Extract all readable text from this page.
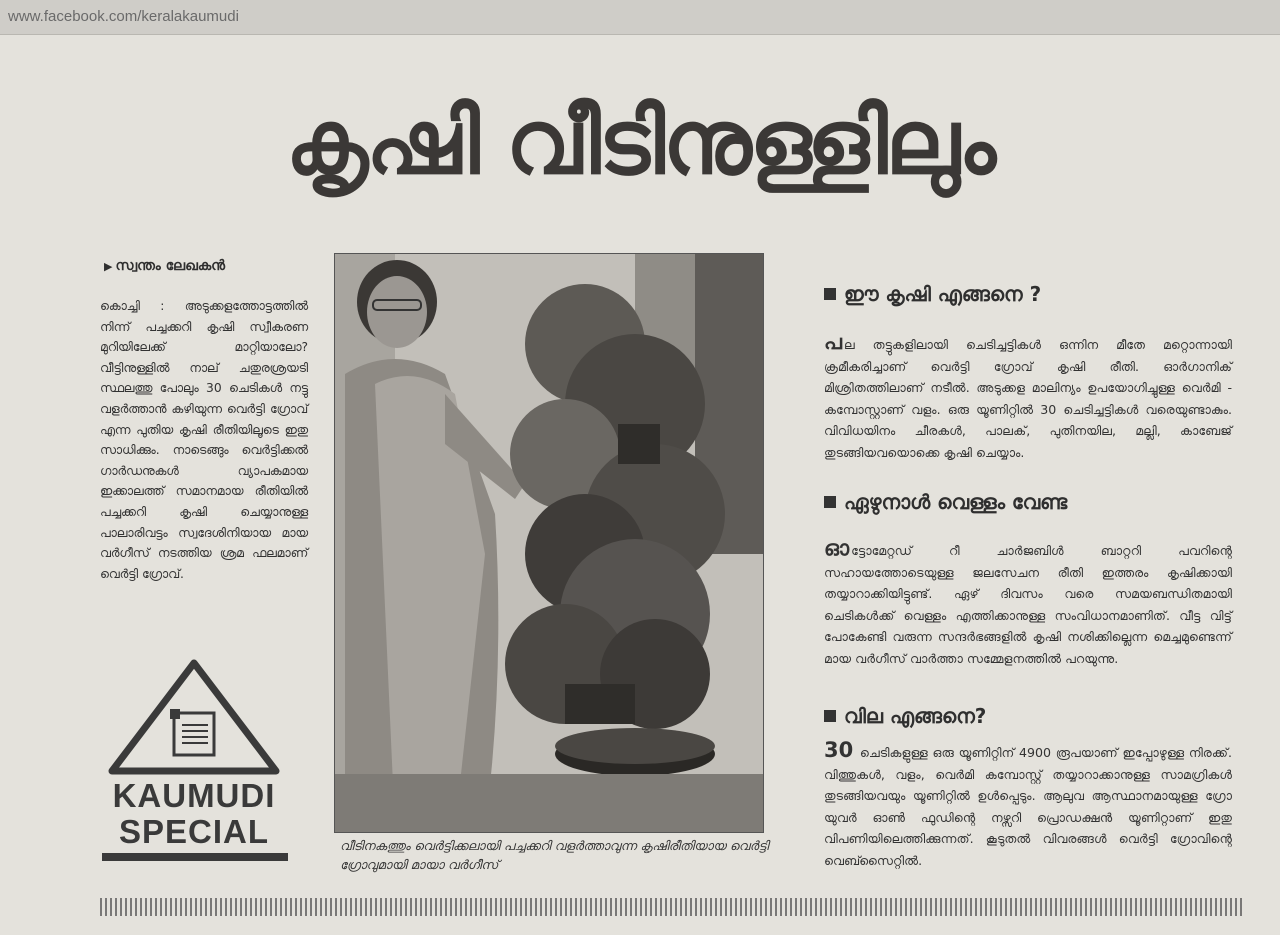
www.facebook.com/keralakaumudi
കൃഷി വീടിനുള്ളിലും
▶ സ്വന്തം ലേഖകൻ
കൊച്ചി : അടുക്കളത്തോട്ടത്തിൽ നിന്ന് പച്ചക്കറി കൃഷി സ്വീകരണ മുറിയിലേക്ക് മാറ്റിയാലോ? വീട്ടിനുള്ളിൽ നാല് ചതുരശ്രയടി സ്ഥലത്തു പോലും 30 ചെടികൾ നട്ടു വളർത്താൻ കഴിയുന്ന വെർട്ടി ഗ്രോവ് എന്ന പുതിയ കൃഷി രീതിയിലൂടെ ഇതു സാധിക്കും. നാടെങ്ങും വെർട്ടിക്കൽ ഗാർഡനുകൾ വ്യാപകമായ ഇക്കാലത്ത് സമാനമായ രീതിയിൽ പച്ചക്കറി കൃഷി ചെയ്യാനുള്ള പാലാരിവട്ടം സ്വദേശിനിയായ മായ വർഗീസ് നടത്തിയ ശ്രമ ഫലമാണ് വെർട്ടി ഗ്രോവ്.
KAUMUDI
SPECIAL	വീടിനകത്തും വെർട്ടിക്കലായി പച്ചക്കറി വളർത്താവുന്ന കൃഷിരീതിയായ വെർട്ടി ഗ്രോവുമായി മായാ വർഗീസ്
ഈ കൃഷി എങ്ങനെ ?
പല തട്ടുകളിലായി ചെടിച്ചട്ടികൾ ഒന്നിന മീതേ മറ്റൊന്നായി ക്രമീകരിച്ചാണ് വെർട്ടി ഗ്രോവ് കൃഷി രീതി. ഓർഗാനിക് മിശ്രിതത്തിലാണ് നടീൽ. അടുക്കള മാലിന്യം ഉപയോഗിച്ചുള്ള വെർമി - കമ്പോസ്റ്റാണ് വളം. ഒരു യൂണിറ്റിൽ 30 ചെടിച്ചട്ടികൾ വരെയുണ്ടാകും. വിവിധയിനം ചീരകൾ, പാലക്, പുതിനയില, മല്ലി, കാബേജ് തുടങ്ങിയവയൊക്കെ കൃഷി ചെയ്യാം.
ഏഴുനാൾ വെള്ളം വേണ്ട
ഓട്ടോമേറ്റഡ് റീ ചാർജബിൾ ബാറ്ററി പവറിന്റെ സഹായത്തോടെയുള്ള ജലസേചന രീതി ഇത്തരം കൃഷിക്കായി തയ്യാറാക്കിയിട്ടുണ്ട്. ഏഴ് ദിവസം വരെ സമയബന്ധിതമായി ചെടികൾക്ക് വെള്ളം എത്തിക്കാനുള്ള സംവിധാനമാണിത്. വീട്ട വിട്ട് പോകേണ്ടി വരുന്ന സന്ദർഭങ്ങളിൽ കൃഷി നശിക്കില്ലെന്ന മെച്ചമുണ്ടെന്ന് മായ വർഗീസ് വാർത്താ സമ്മേളനത്തിൽ പറയുന്നു.
വില എങ്ങനെ?
30 ചെടികളുള്ള ഒരു യൂണിറ്റിന് 4900 രൂപയാണ് ഇപ്പോഴുള്ള നിരക്ക്. വിത്തുകൾ, വളം, വെർമി കമ്പോസ്റ്റ് തയ്യാറാക്കാനുള്ള സാമഗ്രികൾ തുടങ്ങിയവയും യൂണിറ്റിൽ ഉൾപ്പെടും. ആലുവ ആസ്ഥാനമായുള്ള ഗ്രോ യുവർ ഓൺ ഫുഡിന്റെ നഴ്സറി പ്രൊഡക്ഷൻ യൂണിറ്റാണ് ഇതു വിപണിയിലെത്തിക്കുന്നത്. കൂടുതൽ വിവരങ്ങൾ വെർട്ടി ഗ്രോവിന്റെ വെബ്സൈറ്റിൽ.
